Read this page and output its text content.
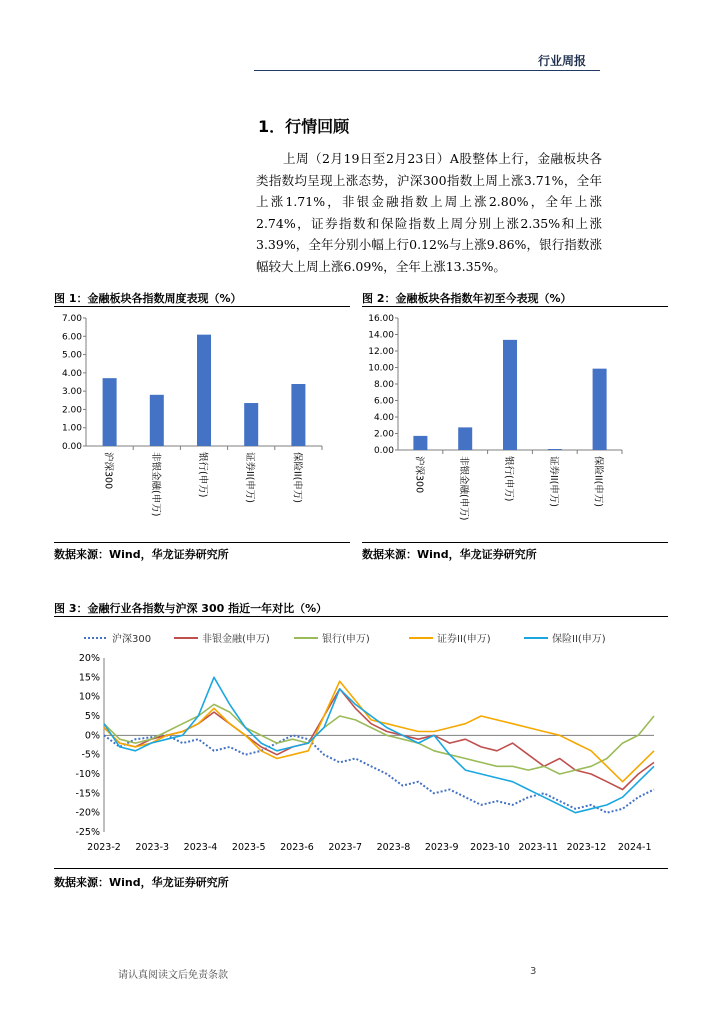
行业周报
1．行情回顾
上周（2月19日至2月23日）A股整体上行，金融板块各类指数均呈现上涨态势，沪深300指数上周上涨3.71%，全年上涨1.71%，非银金融指数上周上涨2.80%，全年上涨2.74%，证券指数和保险指数上周分别上涨2.35%和上涨3.39%，全年分别小幅上行0.12%与上涨9.86%，银行指数涨幅较大上周上涨6.09%，全年上涨13.35%。
图 1：金融板块各指数周度表现（%）
0.00
1.00
2.00
3.00
4.00
5.00
6.00
7.00
沪深300	非银金融(申万)	银行(申万)	证券II(申万)	保险II(申万)
数据来源：Wind，华龙证券研究所
图 2：金融板块各指数年初至今表现（%）
0.00
2.00
4.00
6.00
8.00
10.00
12.00
14.00
16.00
沪深300	非银金融(申万)	银行(申万)	证券II(申万)	保险II(申万)
数据来源：Wind，华龙证券研究所
图 3：金融行业各指数与沪深 300 指近一年对比（%）
沪深300	非银金融(申万)	银行(申万)	证券II(申万)	保险II(申万)
-25%
-20%
-15%
-10%
-5%
0%
5%
10%
15%
20%
2023-2 2023-3 2023-4 2023-5 2023-6 2023-7 2023-8 2023-9 2023-10 2023-11 2023-12 2024-1
数据来源：Wind，华龙证券研究所
请认真阅读文后免责条款	3
